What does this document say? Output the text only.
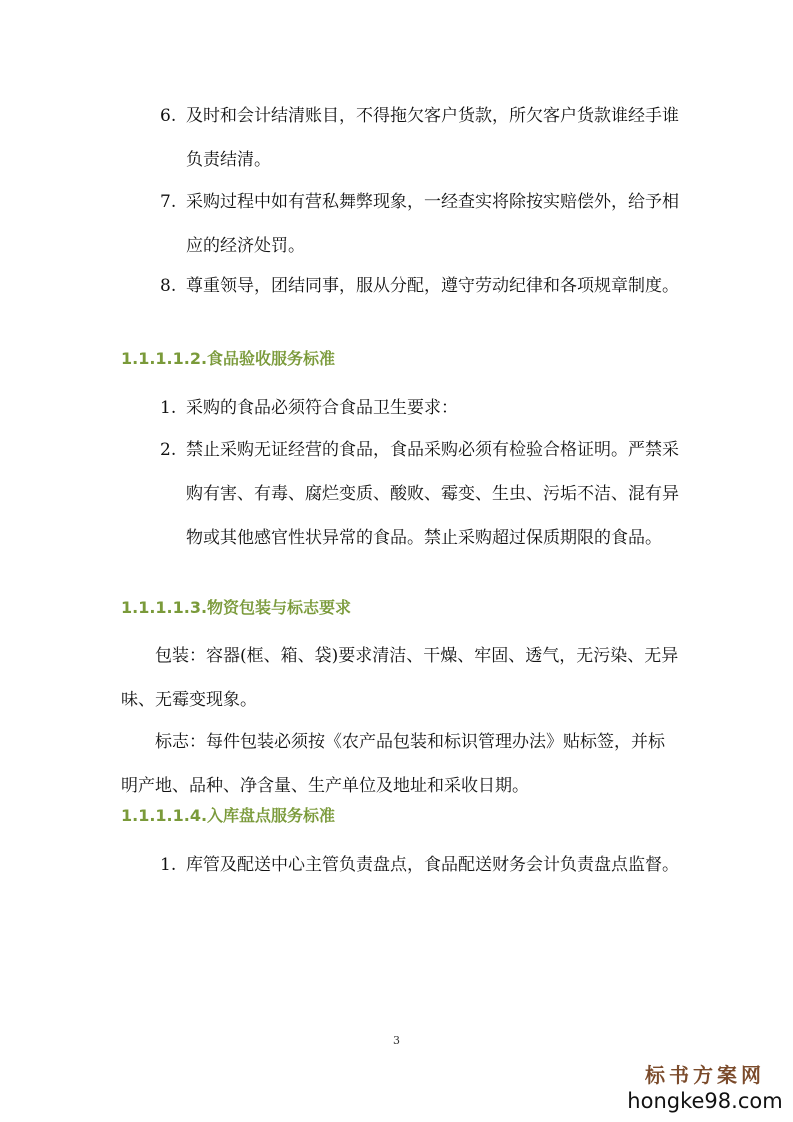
6. 及时和会计结清账目，不得拖欠客户货款，所欠客户货款谁经手谁负责结清。
7. 采购过程中如有营私舞弊现象，一经查实将除按实赔偿外，给予相应的经济处罚。
8. 尊重领导，团结同事，服从分配，遵守劳动纪律和各项规章制度。
1.1.1.1.2.食品验收服务标准
1. 采购的食品必须符合食品卫生要求：
2. 禁止采购无证经营的食品，食品采购必须有检验合格证明。严禁采购有害、有毒、腐烂变质、酸败、霉变、生虫、污垢不洁、混有异物或其他感官性状异常的食品。禁止采购超过保质期限的食品。
1.1.1.1.3.物资包装与标志要求
包装：容器(框、箱、袋)要求清洁、干燥、牢固、透气，无污染、无异味、无霉变现象。
标志：每件包装必须按《农产品包装和标识管理办法》贴标签，并标明产地、品种、净含量、生产单位及地址和采收日期。
1.1.1.1.4.入库盘点服务标准
1. 库管及配送中心主管负责盘点，食品配送财务会计负责盘点监督。
3
标书方案网
hongke98.com
